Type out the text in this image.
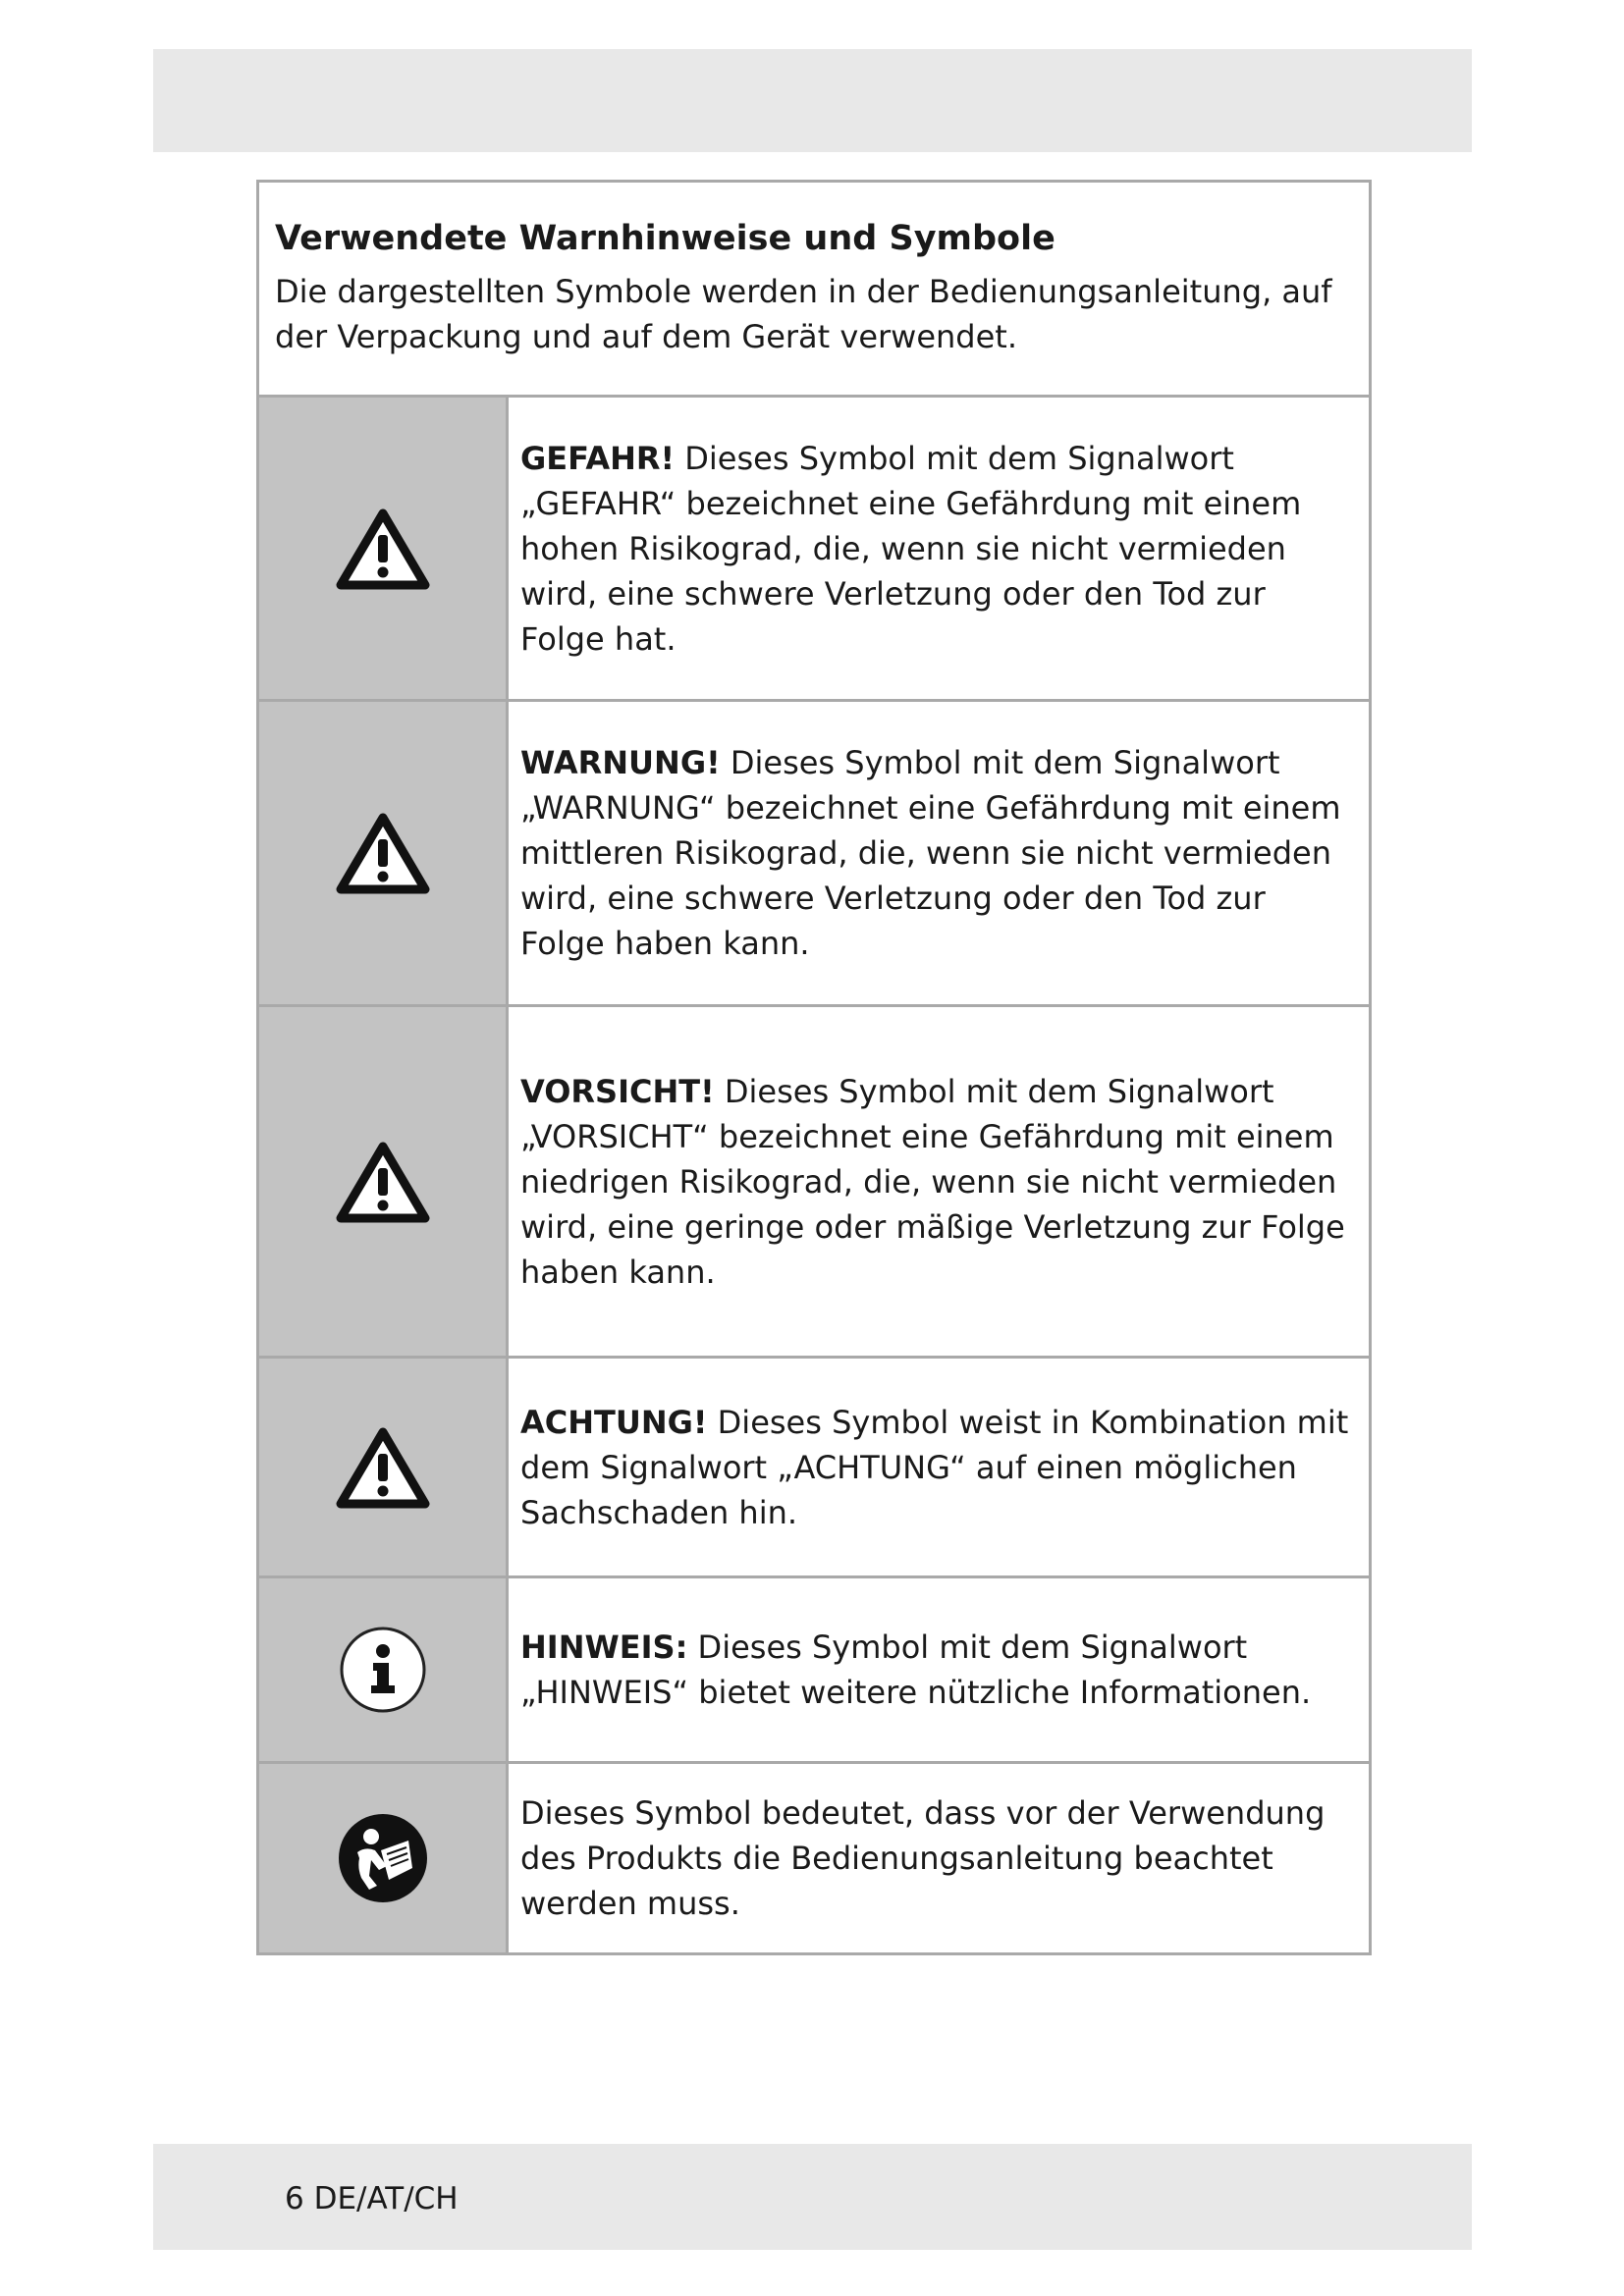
Verwendete Warnhinweise und Symbole

Die dargestellten Symbole werden in der Bedienungsanleitung, auf der Verpackung und auf dem Gerät verwendet.

GEFAHR! Dieses Symbol mit dem Signalwort „GEFAHR“ bezeichnet eine Gefährdung mit einem hohen Risikograd, die, wenn sie nicht vermieden wird, eine schwere Verletzung oder den Tod zur Folge hat.

WARNUNG! Dieses Symbol mit dem Signalwort „WARNUNG“ bezeichnet eine Gefährdung mit einem mittleren Risikograd, die, wenn sie nicht vermieden wird, eine schwere Verletzung oder den Tod zur Folge haben kann.

VORSICHT! Dieses Symbol mit dem Signalwort „VORSICHT“ bezeichnet eine Gefährdung mit einem niedrigen Risikograd, die, wenn sie nicht vermieden wird, eine geringe oder mäßige Verletzung zur Folge haben kann.

ACHTUNG! Dieses Symbol weist in Kombination mit dem Signalwort „ACHTUNG“ auf einen möglichen Sachschaden hin.

HINWEIS: Dieses Symbol mit dem Signalwort „HINWEIS“ bietet weitere nützliche Informationen.

Dieses Symbol bedeutet, dass vor der Verwendung des Produkts die Bedienungsanleitung beachtet werden muss.

6 DE/AT/CH
